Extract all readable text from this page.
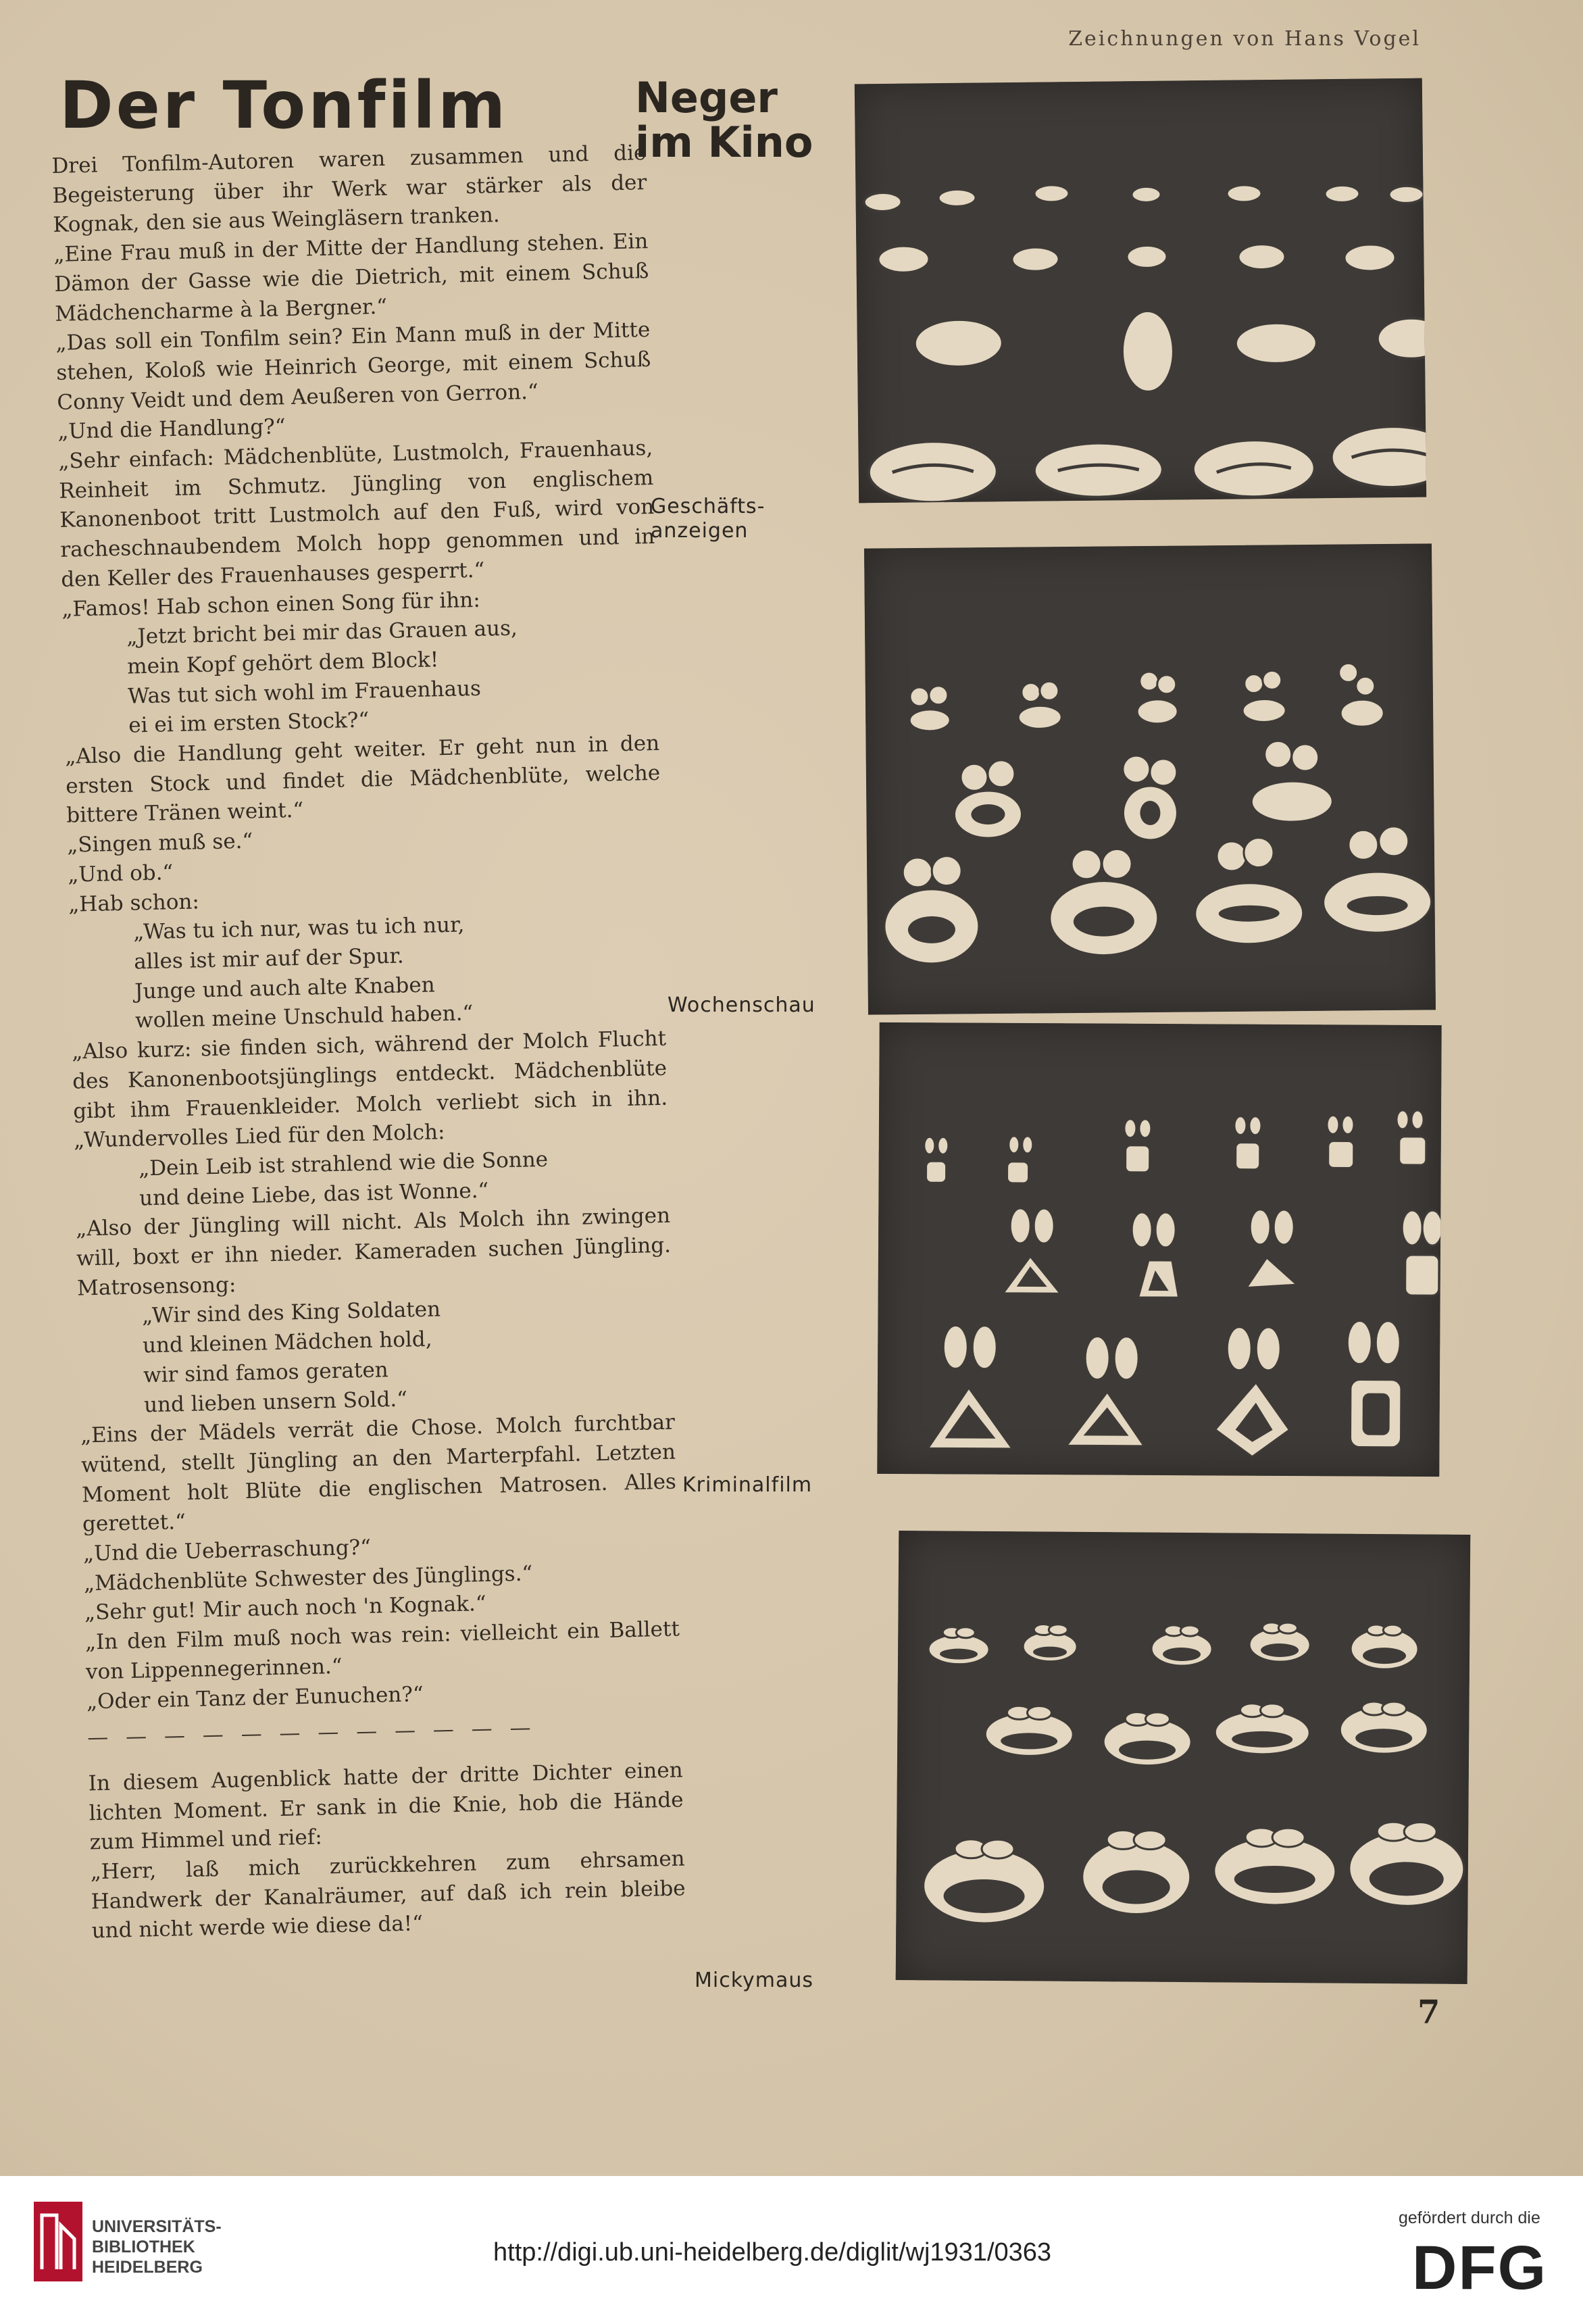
Zeichnungen von Hans Vogel
Der Tonfilm

Drei Tonfilm-Autoren waren zusammen und die Begeisterung über ihr Werk war stärker als der Kognak, den sie aus Weingläsern tranken.

„Eine Frau muß in der Mitte der Handlung stehen. Ein Dämon der Gasse wie die Dietrich, mit einem Schuß Mädchencharme à la Bergner.“

„Das soll ein Tonfilm sein? Ein Mann muß in der Mitte stehen, Koloß wie Heinrich George, mit einem Schuß Conny Veidt und dem Aeußeren von Gerron.“

„Und die Handlung?“

„Sehr einfach: Mädchenblüte, Lustmolch, Frauenhaus, Reinheit im Schmutz. Jüngling von englischem Kanonenboot tritt Lustmolch auf den Fuß, wird von racheschnaubendem Molch hopp genommen und in den Keller des Frauenhauses gesperrt.“

„Famos! Hab schon einen Song für ihn:

„Jetzt bricht bei mir das Grauen aus,

mein Kopf gehört dem Block!

Was tut sich wohl im Frauenhaus

ei ei im ersten Stock?“

„Also die Handlung geht weiter. Er geht nun in den ersten Stock und findet die Mädchenblüte, welche bittere Tränen weint.“

„Singen muß se.“

„Und ob.“

„Hab schon:

„Was tu ich nur, was tu ich nur,

alles ist mir auf der Spur.

Junge und auch alte Knaben

wollen meine Unschuld haben.“

„Also kurz: sie finden sich, während der Molch Flucht des Kanonenbootsjünglings entdeckt. Mädchenblüte gibt ihm Frauenkleider. Molch verliebt sich in ihn. „Wundervolles Lied für den Molch:

„Dein Leib ist strahlend wie die Sonne

und deine Liebe, das ist Wonne.“

„Also der Jüngling will nicht. Als Molch ihn zwingen will, boxt er ihn nieder. Kameraden suchen Jüngling. Matrosensong:

„Wir sind des King Soldaten

und kleinen Mädchen hold,

wir sind famos geraten

und lieben unsern Sold.“

„Eins der Mädels verrät die Chose. Molch furchtbar wütend, stellt Jüngling an den Marterpfahl. Letzten Moment holt Blüte die englischen Matrosen. Alles gerettet.“

„Und die Ueberraschung?“

„Mädchenblüte Schwester des Jünglings.“

„Sehr gut! Mir auch noch 'n Kognak.“

„In den Film muß noch was rein: vielleicht ein Ballett von Lippennegerinnen.“

„Oder ein Tanz der Eunuchen?“

— — — — — — — — — — — —

In diesem Augenblick hatte der dritte Dichter einen lichten Moment. Er sank in die Knie, hob die Hände zum Himmel und rief:

„Herr, laß mich zurückkehren zum ehrsamen Handwerk der Kanalräumer, auf daß ich rein bleibe und nicht werde wie diese da!“

Neger
im Kino
Geschäfts-
anzeigen
Wochenschau
Kriminalfilm
Mickymaus
7
UNIVERSITÄTS-
BIBLIOTHEK
HEIDELBERG
http://digi.ub.uni-heidelberg.de/diglit/wj1931/0363
gefördert durch die
DFG
